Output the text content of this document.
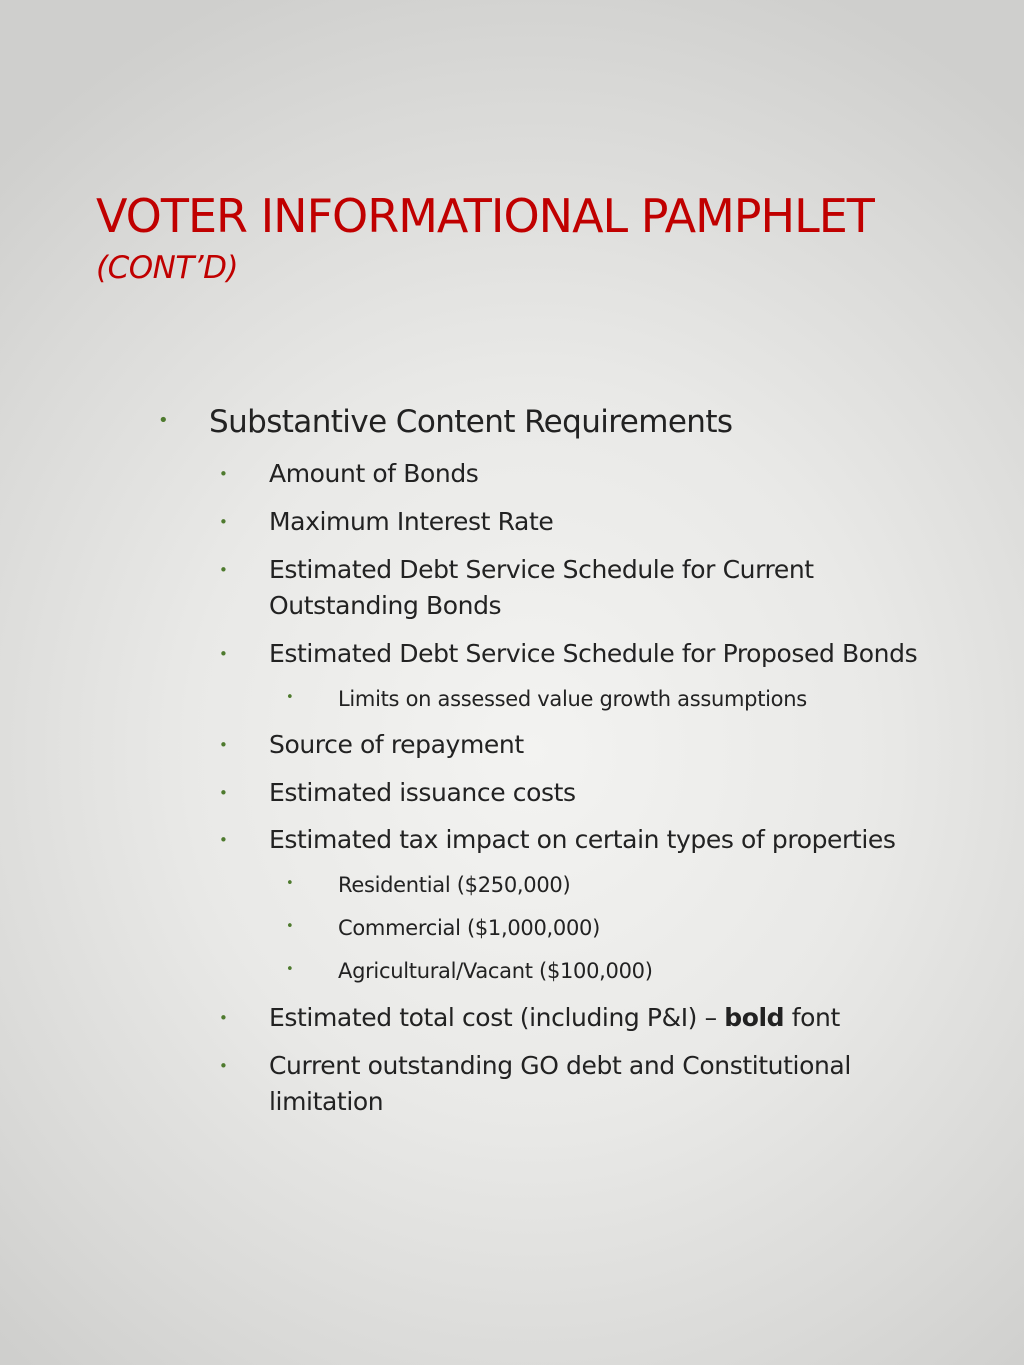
VOTER INFORMATIONAL PAMPHLET
(CONT’D)
• Substantive Content Requirements
• Amount of Bonds
• Maximum Interest Rate
• Estimated Debt Service Schedule for Current
Outstanding Bonds
• Estimated Debt Service Schedule for Proposed Bonds
• Limits on assessed value growth assumptions
• Source of repayment
• Estimated issuance costs
• Estimated tax impact on certain types of properties
• Residential ($250,000)
• Commercial ($1,000,000)
• Agricultural/Vacant ($100,000)
• Estimated total cost (including P&I) – bold font
• Current outstanding GO debt and Constitutional
limitation
